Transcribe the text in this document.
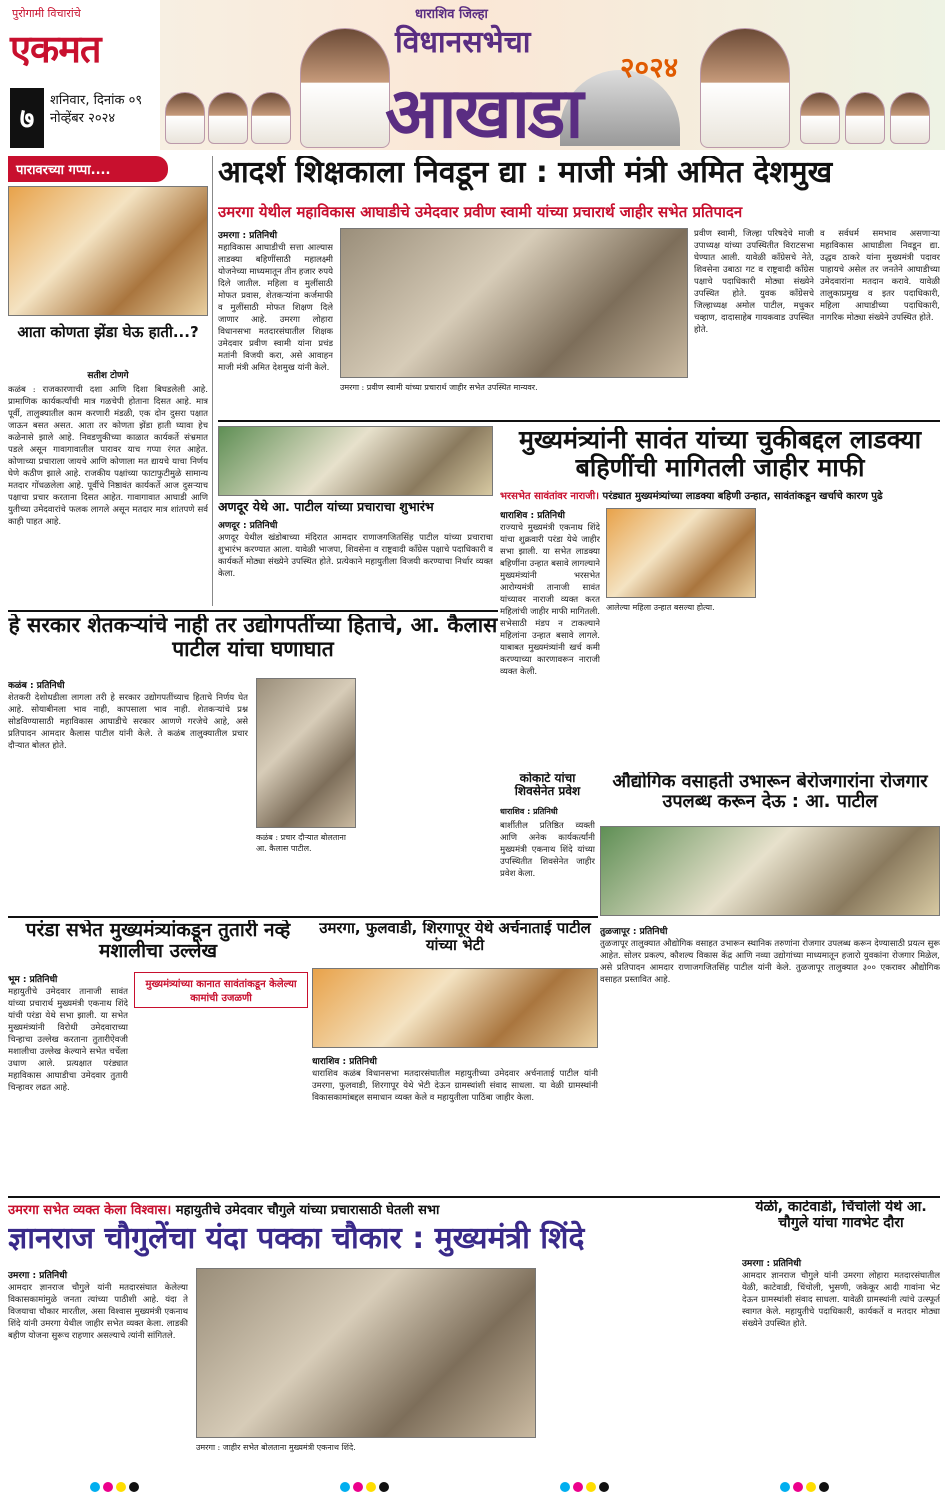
पुरोगामी विचारांचे
एकमत
७
शनिवार, दिनांक ०९ नोव्हेंबर २०२४
धाराशिव जिल्हा
विधानसभेचा
आखाडा
२०२४
पारावरच्या गप्पा....
आता कोणता झेंडा घेऊ हाती...?
सतीश टोणगे
कळंब : राजकारणाची दशा आणि दिशा बिघडलेली आहे. प्रामाणिक कार्यकर्त्यांची मात्र गळचेपी होताना दिसत आहे. मात्र पूर्वी, तालुक्यातील काम करणारी मंडळी, एक दोन दुसरा पक्षात जाऊन बसत असत. आता तर कोणता झेंडा हाती घ्यावा हेच कळेनासे झाले आहे. निवडणुकीच्या काळात कार्यकर्ते संभ्रमात पडले असून गावागावातील पारावर याच गप्पा रंगत आहेत. कोणाच्या प्रचाराला जायचे आणि कोणाला मत द्यायचे याचा निर्णय घेणे कठीण झाले आहे. राजकीय पक्षांच्या फाटाफुटीमुळे सामान्य मतदार गोंधळलेला आहे. पूर्वीचे निष्ठावंत कार्यकर्ते आज दुसऱ्याच पक्षाचा प्रचार करताना दिसत आहेत. गावागावात आघाडी आणि युतीच्या उमेदवारांचे फलक लागले असून मतदार मात्र शांतपणे सर्व काही पाहत आहे.
आदर्श शिक्षकाला निवडून द्या : माजी मंत्री अमित देशमुख
उमरगा येथील महाविकास आघाडीचे उमेदवार प्रवीण स्वामी यांच्या प्रचारार्थ जाहीर सभेत प्रतिपादन
उमरगा : प्रतिनिधी
महाविकास आघाडीची सत्ता आल्यास लाडक्या बहिणींसाठी महालक्ष्मी योजनेच्या माध्यमातून तीन हजार रुपये दिले जातील. महिला व मुलींसाठी मोफत प्रवास, शेतकऱ्यांना कर्जमाफी व मुलींसाठी मोफत शिक्षण दिले जाणार आहे. उमरगा लोहारा विधानसभा मतदारसंघातील शिक्षक उमेदवार प्रवीण स्वामी यांना प्रचंड मतांनी विजयी करा, असे आवाहन माजी मंत्री अमित देशमुख यांनी केले.
उमरगा : प्रवीण स्वामी यांच्या प्रचारार्थ जाहीर सभेत उपस्थित मान्यवर.
प्रवीण स्वामी, जिल्हा परिषदेचे माजी उपाध्यक्ष यांच्या उपस्थितीत विराटसभा घेण्यात आली. यावेळी काँग्रेसचे नेते, शिवसेना उबाठा गट व राष्ट्रवादी काँग्रेस पक्षाचे पदाधिकारी मोठ्या संख्येने उपस्थित होते. युवक काँग्रेसचे जिल्हाध्यक्ष अमोल पाटील, मधुकर चव्हाण, दादासाहेब गायकवाड उपस्थित होते.
व सर्वधर्म समभाव असणाऱ्या महाविकास आघाडीला निवडून द्या. उद्धव ठाकरे यांना मुख्यमंत्री पदावर पाहायचे असेल तर जनतेने आघाडीच्या उमेदवारांना मतदान करावे. यावेळी तालुकाप्रमुख व इतर पदाधिकारी, महिला आघाडीच्या पदाधिकारी, नागरिक मोठ्या संख्येने उपस्थित होते.
अणदूर येथे आ. पाटील यांच्या प्रचाराचा शुभारंभ
अणदूर : प्रतिनिधी
अणदूर येथील खंडोबाच्या मंदिरात आमदार राणाजगजितसिंह पाटील यांच्या प्रचाराचा शुभारंभ करण्यात आला. यावेळी भाजपा, शिवसेना व राष्ट्रवादी काँग्रेस पक्षाचे पदाधिकारी व कार्यकर्ते मोठ्या संख्येने उपस्थित होते. प्रत्येकाने महायुतीला विजयी करण्याचा निर्धार व्यक्त केला.
मुख्यमंत्र्यांनी सावंत यांच्या चुकीबद्दल लाडक्या बहिणींची मागितली जाहीर माफी
भरसभेत सावंतांवर नाराजी। परंड्यात मुख्यमंत्र्यांच्या लाडक्या बहिणी उन्हात, सावंतांकडून खर्चाचे कारण पुढे
धाराशिव : प्रतिनिधी
राज्याचे मुख्यमंत्री एकनाथ शिंदे यांचा शुक्रवारी परंडा येथे जाहीर सभा झाली. या सभेत लाडक्या बहिणींना उन्हात बसावे लागल्याने मुख्यमंत्र्यांनी भरसभेत आरोग्यमंत्री तानाजी सावंत यांच्यावर नाराजी व्यक्त करत महिलांची जाहीर माफी मागितली. सभेसाठी मंडप न टाकल्याने महिलांना उन्हात बसावे लागले. याबाबत मुख्यमंत्र्यांनी खर्च कमी करण्याच्या कारणावरून नाराजी व्यक्त केली.
आलेल्या महिला उन्हात बसल्या होत्या.
हे सरकार शेतकऱ्यांचे नाही तर उद्योगपतींच्या हिताचे, आ. कैलास पाटील यांचा घणाघात
कळंब : प्रतिनिधी
शेतकरी देशोधडीला लागला तरी हे सरकार उद्योगपतींच्याच हिताचे निर्णय घेत आहे. सोयाबीनला भाव नाही, कापसाला भाव नाही. शेतकऱ्यांचे प्रश्न सोडविण्यासाठी महाविकास आघाडीचे सरकार आणणे गरजेचे आहे, असे प्रतिपादन आमदार कैलास पाटील यांनी केले. ते कळंब तालुक्यातील प्रचार दौऱ्यात बोलत होते.
कळंब : प्रचार दौऱ्यात बोलताना आ. कैलास पाटील.
कोकाटे यांचा शिवसेनेत प्रवेश
धाराशिव : प्रतिनिधी
बार्शीतील प्रतिष्ठित व्यक्ती आणि अनेक कार्यकर्त्यांनी मुख्यमंत्री एकनाथ शिंदे यांच्या उपस्थितीत शिवसेनेत जाहीर प्रवेश केला.
औद्योगिक वसाहती उभारून बेरोजगारांना रोजगार उपलब्ध करून देऊ : आ. पाटील
तुळजापूर : प्रतिनिधी
तुळजापूर तालुक्यात औद्योगिक वसाहत उभारून स्थानिक तरुणांना रोजगार उपलब्ध करून देण्यासाठी प्रयत्न सुरू आहेत. सोलर प्रकल्प, कौशल्य विकास केंद्र आणि नव्या उद्योगांच्या माध्यमातून हजारो युवकांना रोजगार मिळेल, असे प्रतिपादन आमदार राणाजगजितसिंह पाटील यांनी केले. तुळजापूर तालुक्यात ३०० एकरावर औद्योगिक वसाहत प्रस्तावित आहे.
परंडा सभेत मुख्यमंत्र्यांकडून तुतारी नव्हे मशालीचा उल्लेख
भूम : प्रतिनिधी
महायुतीचे उमेदवार तानाजी सावंत यांच्या प्रचारार्थ मुख्यमंत्री एकनाथ शिंदे यांची परंडा येथे सभा झाली. या सभेत मुख्यमंत्र्यांनी विरोधी उमेदवाराच्या चिन्हाचा उल्लेख करताना तुतारीऐवजी मशालीचा उल्लेख केल्याने सभेत चर्चेला उधाण आले. प्रत्यक्षात परंड्यात महाविकास आघाडीचा उमेदवार तुतारी चिन्हावर लढत आहे.
मुख्यमंत्र्यांच्या कानात सावंतांकडून केलेल्या कामांची उजळणी
उमरगा, फुलवाडी, शिरगापूर येथे अर्चनाताई पाटील यांच्या भेटी
धाराशिव : प्रतिनिधी
धाराशिव कळंब विधानसभा मतदारसंघातील महायुतीच्या उमेदवार अर्चनाताई पाटील यांनी उमरगा, फुलवाडी, शिरगापूर येथे भेटी देऊन ग्रामस्थांशी संवाद साधला. या वेळी ग्रामस्थांनी विकासकामांबद्दल समाधान व्यक्त केले व महायुतीला पाठिंबा जाहीर केला.
उमरगा सभेत व्यक्त केला विश्वास। महायुतीचे उमेदवार चौगुले यांच्या प्रचारासाठी घेतली सभा
ज्ञानराज चौगुलेंचा यंदा पक्का चौकार : मुख्यमंत्री शिंदे
उमरगा : प्रतिनिधी
आमदार ज्ञानराज चौगुले यांनी मतदारसंघात केलेल्या विकासकामांमुळे जनता त्यांच्या पाठीशी आहे. यंदा ते विजयाचा चौकार मारतील, असा विश्वास मुख्यमंत्री एकनाथ शिंदे यांनी उमरगा येथील जाहीर सभेत व्यक्त केला. लाडकी बहीण योजना सुरूच राहणार असल्याचे त्यांनी सांगितले.
उमरगा : जाहीर सभेत बोलताना मुख्यमंत्री एकनाथ शिंदे.
येळी, काटेवाडी, चिंचोली येथे आ. चौगुले यांचा गावभेट दौरा
उमरगा : प्रतिनिधी
आमदार ज्ञानराज चौगुले यांनी उमरगा लोहारा मतदारसंघातील येळी, काटेवाडी, चिंचोली, भुसणी, जकेकूर आदी गावांना भेट देऊन ग्रामस्थांशी संवाद साधला. यावेळी ग्रामस्थांनी त्यांचे उत्स्फूर्त स्वागत केले. महायुतीचे पदाधिकारी, कार्यकर्ते व मतदार मोठ्या संख्येने उपस्थित होते.
